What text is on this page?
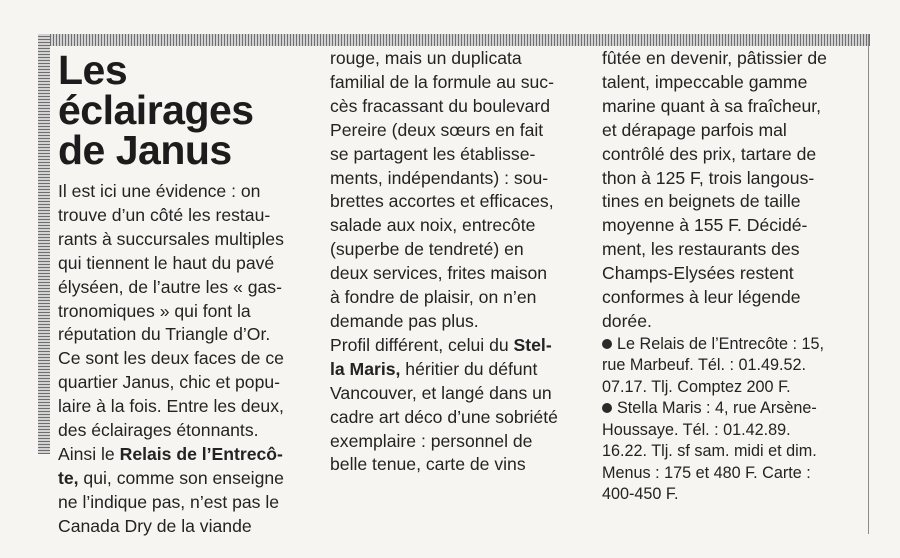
Les éclairages
de Janus
Il est ici une évidence : on
trouve d’un côté les restau-
rants à succursales multiples
qui tiennent le haut du pavé
élyséen, de l’autre les « gas-
tronomiques » qui font la
réputation du Triangle d’Or.
Ce sont les deux faces de ce
quartier Janus, chic et popu-
laire à la fois. Entre les deux,
des éclairages étonnants.
Ainsi le Relais de l’Entrecô-
te, qui, comme son enseigne
ne l’indique pas, n’est pas le
Canada Dry de la viande
rouge, mais un duplicata
familial de la formule au suc-
cès fracassant du boulevard
Pereire (deux sœurs en fait
se partagent les établisse-
ments, indépendants) : sou-
brettes accortes et efficaces,
salade aux noix, entrecôte
(superbe de tendreté) en
deux services, frites maison
à fondre de plaisir, on n’en
demande pas plus.
Profil différent, celui du Stel-
la Maris, héritier du défunt
Vancouver, et langé dans un
cadre art déco d’une sobriété
exemplaire : personnel de
belle tenue, carte de vins
fûtée en devenir, pâtissier de
talent, impeccable gamme
marine quant à sa fraîcheur,
et dérapage parfois mal
contrôlé des prix, tartare de
thon à 125 F, trois langous-
tines en beignets de taille
moyenne à 155 F. Décidé-
ment, les restaurants des
Champs-Elysées restent
conformes à leur légende
dorée.
Le Relais de l’Entrecôte : 15,
rue Marbeuf. Tél. : 01.49.52.
07.17. Tlj. Comptez 200 F.
Stella Maris : 4, rue Arsène-
Houssaye. Tél. : 01.42.89.
16.22. Tlj. sf sam. midi et dim.
Menus : 175 et 480 F. Carte :
400-450 F.
